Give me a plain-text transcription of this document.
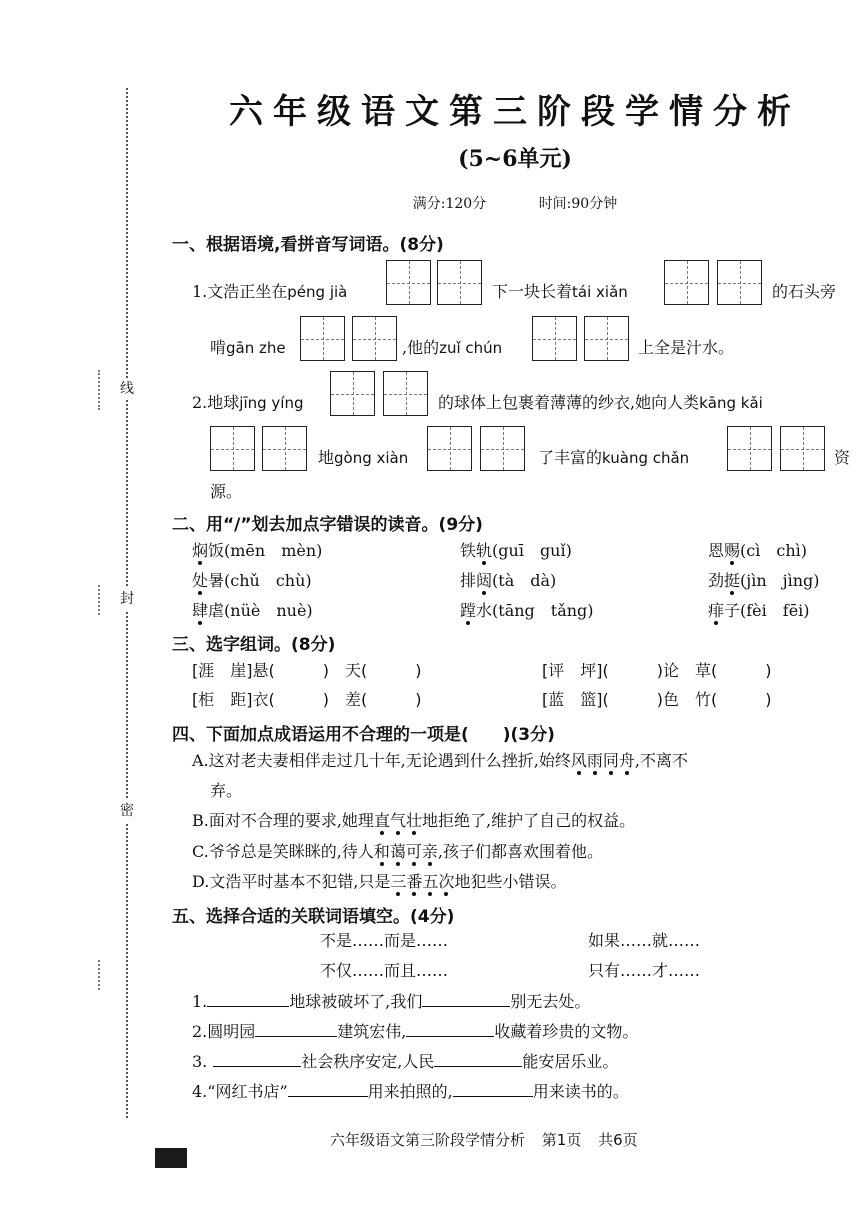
线
封
密
六年级语文第三阶段学情分析
(5~6单元)
满分:120分	时间:90分钟
一、根据语境,看拼音写词语。(8分)
1.文浩正坐在péng jià	下一块长着tái xiǎn	的石头旁
啃gān zhe	,他的zuǐ chún	上全是汁水。
2.地球jīng yíng	的球体上包裹着薄薄的纱衣,她向人类kāng kǎi
地gòng xiàn	了丰富的kuàng chǎn	资
源。
二、用“/”划去加点字错误的读音。(9分)
焖饭(mēn　mèn)	铁轨(guī　guǐ)	恩赐(cì　chì)
处暑(chǔ　chù)	排闼(tà　dà)	劲挺(jìn　jìng)
肆虐(nüè　nuè)	蹚水(tāng　tǎng)	痱子(fèi　fēi)
三、选字组词。(8分)
[涯　崖]悬(　　　)　天(　　　)	[评　坪](　　　)论　草(　　　)
[柜　距]衣(　　　)　差(　　　)	[蓝　篮](　　　)色　竹(　　　)
四、下面加点成语运用不合理的一项是(　　)(3分)
A.这对老夫妻相伴走过几十年,无论遇到什么挫折,始终风雨同舟,不离不
弃。
B.面对不合理的要求,她理直气壮地拒绝了,维护了自己的权益。
C.爷爷总是笑眯眯的,待人和蔼可亲,孩子们都喜欢围着他。
D.文浩平时基本不犯错,只是三番五次地犯些小错误。
五、选择合适的关联词语填空。(4分)
不是……而是……	如果……就……
不仅……而且……	只有……才……
1.	地球被破坏了,我们	别无去处。
2.圆明园	建筑宏伟,	收藏着珍贵的文物。
3.	社会秩序安定,人民	能安居乐业。
4.“网红书店”	用来拍照的,	用来读书的。
六年级语文第三阶段学情分析 第1页 共6页
